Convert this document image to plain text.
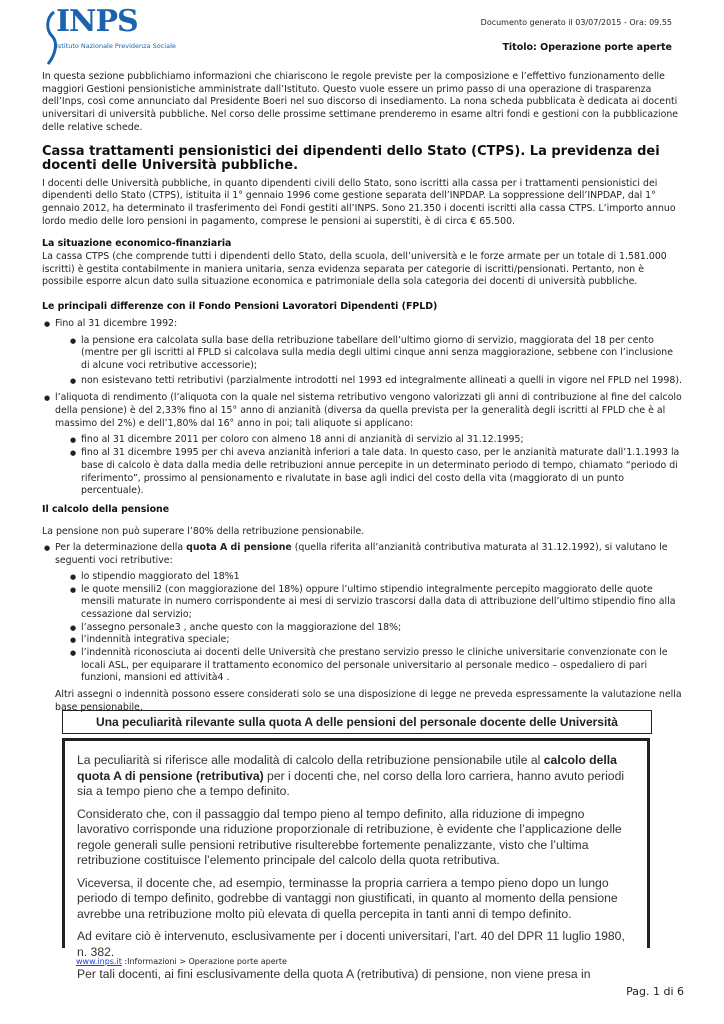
INPS
Istituto Nazionale Previdenza Sociale
Documento generato il 03/07/2015 - Ora: 09.55
Titolo: Operazione porte aperte

In questa sezione pubblichiamo informazioni che chiariscono le regole previste per la composizione e l’effettivo funzionamento delle maggiori Gestioni pensionistiche amministrate dall’Istituto. Questo vuole essere un primo passo di una operazione di trasparenza dell’Inps, così come annunciato dal Presidente Boeri nel suo discorso di insediamento. La nona scheda pubblicata è dedicata ai docenti universitari di università pubbliche. Nel corso delle prossime settimane prenderemo in esame altri fondi e gestioni con la pubblicazione delle relative schede.

Cassa trattamenti pensionistici dei dipendenti dello Stato (CTPS). La previdenza dei docenti delle Università pubbliche.

I docenti delle Università pubbliche, in quanto dipendenti civili dello Stato, sono iscritti alla cassa per i trattamenti pensionistici dei dipendenti dello Stato (CTPS), istituita il 1° gennaio 1996 come gestione separata dell’INPDAP. La soppressione dell’INPDAP, dal 1° gennaio 2012, ha determinato il trasferimento dei Fondi gestiti all’INPS. Sono 21.350 i docenti iscritti alla cassa CTPS. L’importo annuo lordo medio delle loro pensioni in pagamento, comprese le pensioni ai superstiti, è di circa € 65.500.

La situazione economico-finanziaria

La cassa CTPS (che comprende tutti i dipendenti dello Stato, della scuola, dell’università e le forze armate per un totale di 1.581.000 iscritti) è gestita contabilmente in maniera unitaria, senza evidenza separata per categorie di iscritti/pensionati. Pertanto, non è possibile esporre alcun dato sulla situazione economica e patrimoniale della sola categoria dei docenti di università pubbliche.

Le principali differenze con il Fondo Pensioni Lavoratori Dipendenti (FPLD)
● Fino al 31 dicembre 1992:
● la pensione era calcolata sulla base della retribuzione tabellare dell’ultimo giorno di servizio, maggiorata del 18 per cento (mentre per gli iscritti al FPLD si calcolava sulla media degli ultimi cinque anni senza maggiorazione, sebbene con l’inclusione di alcune voci retributive accessorie);
● non esistevano tetti retributivi (parzialmente introdotti nel 1993 ed integralmente allineati a quelli in vigore nel FPLD nel 1998).
● l’aliquota di rendimento (l’aliquota con la quale nel sistema retributivo vengono valorizzati gli anni di contribuzione al fine del calcolo della pensione) è del 2,33% fino al 15° anno di anzianità (diversa da quella prevista per la generalità degli iscritti al FPLD che è al massimo del 2%) e dell’1,80% dal 16° anno in poi; tali aliquote si applicano:
● fino al 31 dicembre 2011 per coloro con almeno 18 anni di anzianità di servizio al 31.12.1995;
● fino al 31 dicembre 1995 per chi aveva anzianità inferiori a tale data. In questo caso, per le anzianità maturate dall’1.1.1993 la base di calcolo è data dalla media delle retribuzioni annue percepite in un determinato periodo di tempo, chiamato “periodo di riferimento”, prossimo al pensionamento e rivalutate in base agli indici del costo della vita (maggiorato di un punto percentuale).
Il calcolo della pensione

La pensione non può superare l’80% della retribuzione pensionabile.

● Per la determinazione della quota A di pensione (quella riferita all’anzianità contributiva maturata al 31.12.1992), si valutano le seguenti voci retributive:
● lo stipendio maggiorato del 18%1
● le quote mensili2 (con maggiorazione del 18%) oppure l’ultimo stipendio integralmente percepito maggiorato delle quote mensili maturate in numero corrispondente ai mesi di servizio trascorsi dalla data di attribuzione dell’ultimo stipendio fino alla cessazione dal servizio;
● l’assegno personale3 , anche questo con la maggiorazione del 18%;
● l’indennità integrativa speciale;
● l’indennità riconosciuta ai docenti delle Università che prestano servizio presso le cliniche universitarie convenzionate con le locali ASL, per equiparare il trattamento economico del personale universitario al personale medico – ospedaliero di pari funzioni, mansioni ed attività4 .

Altri assegni o indennità possono essere considerati solo se una disposizione di legge ne preveda espressamente la valutazione nella base pensionabile.

Una peculiarità rilevante sulla quota A delle pensioni del personale docente delle Università

La peculiarità si riferisce alle modalità di calcolo della retribuzione pensionabile utile al calcolo della quota A di pensione (retributiva) per i docenti che, nel corso della loro carriera, hanno avuto periodi sia a tempo pieno che a tempo definito.

Considerato che, con il passaggio dal tempo pieno al tempo definito, alla riduzione di impegno lavorativo corrisponde una riduzione proporzionale di retribuzione, è evidente che l’applicazione delle regole generali sulle pensioni retributive risulterebbe fortemente penalizzante, visto che l’ultima retribuzione costituisce l’elemento principale del calcolo della quota retributiva.

Viceversa, il docente che, ad esempio, terminasse la propria carriera a tempo pieno dopo un lungo periodo di tempo definito, godrebbe di vantaggi non giustificati, in quanto al momento della pensione avrebbe una retribuzione molto più elevata di quella percepita in tanti anni di tempo definito.

Ad evitare ciò è intervenuto, esclusivamente per i docenti universitari, l’art. 40 del DPR 11 luglio 1980, n. 382.

Per tali docenti, ai fini esclusivamente della quota A (retributiva) di pensione, non viene presa in

www.inps.it :Informazioni > Operazione porte aperte
Pag. 1 di 6
